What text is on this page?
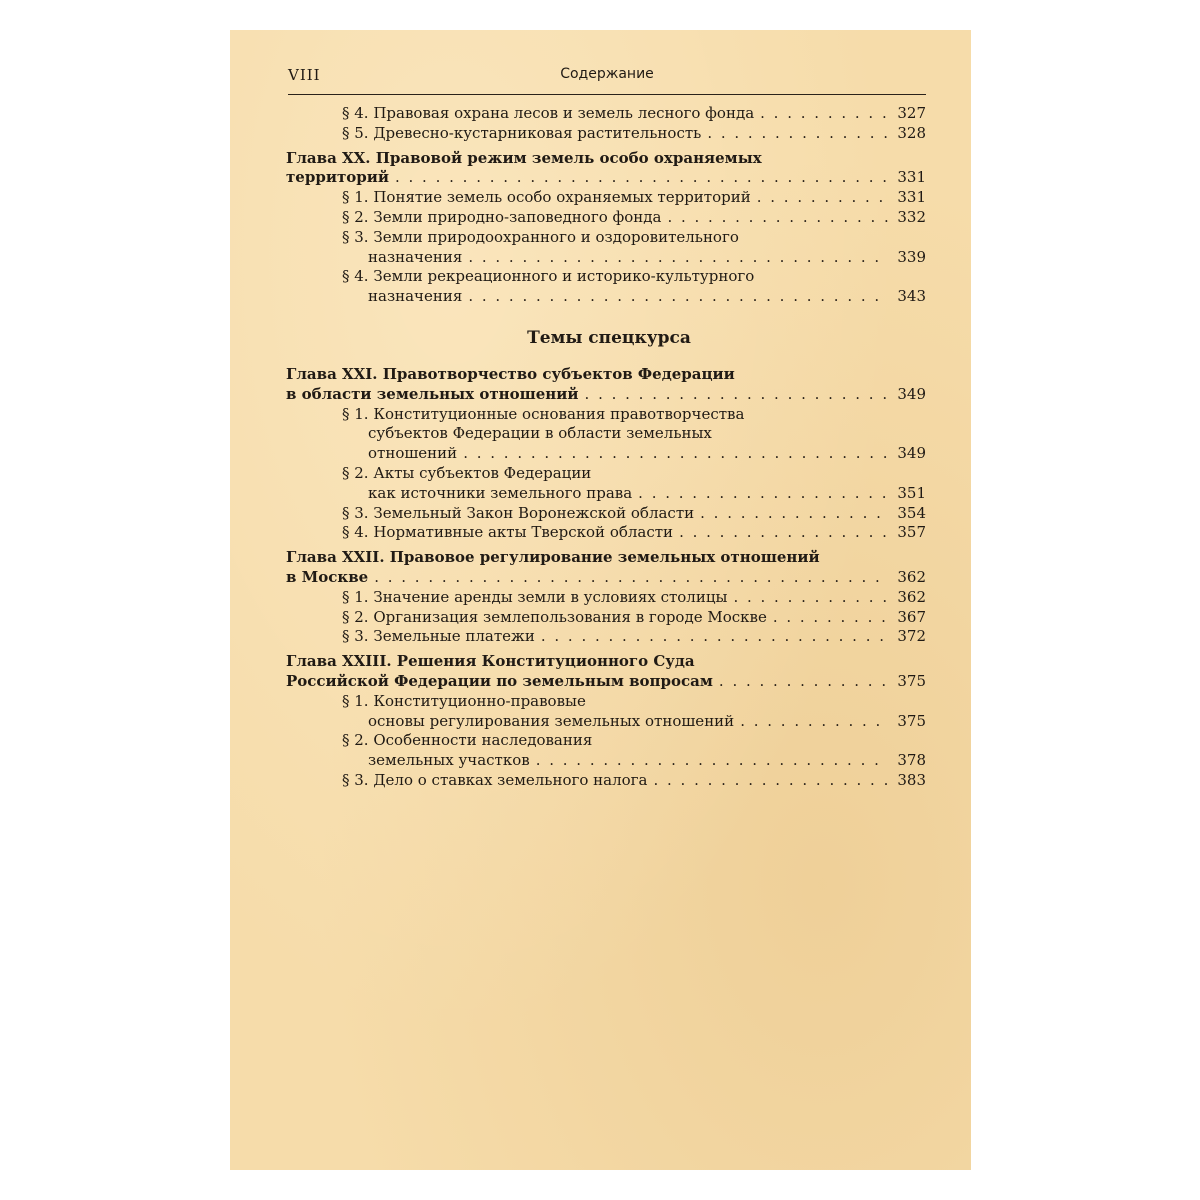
VIII	Содержание
§ 4. Правовая охрана лесов и земель лесного фонда . . .	327
§ 5. Древесно-кустарниковая растительность . . .	328
Глава XX. Правовой режим земель особо охраняемых
территорий . . .	331
§ 1. Понятие земель особо охраняемых территорий . . .	331
§ 2. Земли природно-заповедного фонда . . .	332
§ 3. Земли природоохранного и оздоровительного
назначения . . .	339
§ 4. Земли рекреационного и историко-культурного
назначения . . .	343
Темы спецкурса
Глава XXI. Правотворчество субъектов Федерации
в области земельных отношений . . .	349
§ 1. Конституционные основания правотворчества
субъектов Федерации в области земельных
отношений . . .	349
§ 2. Акты субъектов Федерации
как источники земельного права . . .	351
§ 3. Земельный Закон Воронежской области . . .	354
§ 4. Нормативные акты Тверской области . . .	357
Глава XXII. Правовое регулирование земельных отношений
в Москве . . .	362
§ 1. Значение аренды земли в условиях столицы . . .	362
§ 2. Организация землепользования в городе Москве . . .	367
§ 3. Земельные платежи . . .	372
Глава XXIII. Решения Конституционного Суда
Российской Федерации по земельным вопросам . . .	375
§ 1. Конституционно-правовые
основы регулирования земельных отношений . . .	375
§ 2. Особенности наследования
земельных участков . . .	378
§ 3. Дело о ставках земельного налога . . .	383
